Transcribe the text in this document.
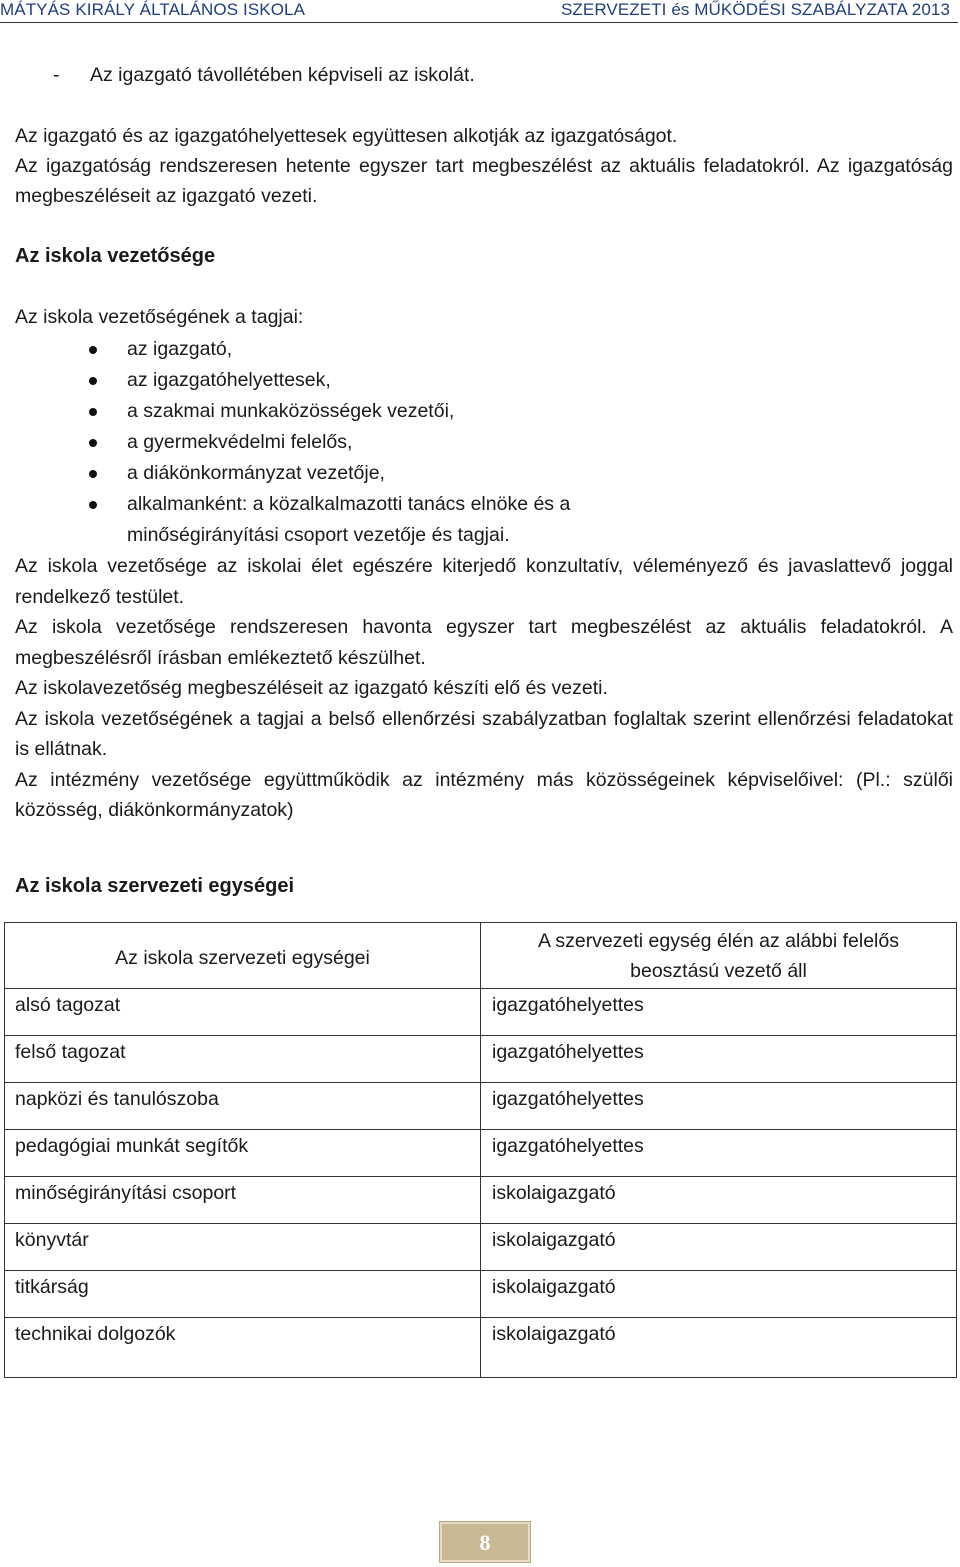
MÁTYÁS KIRÁLY ÁLTALÁNOS ISKOLA	SZERVEZETI és MŰKÖDÉSI SZABÁLYZATA 2013
- Az igazgató távollétében képviseli az iskolát.

Az igazgató és az igazgatóhelyettesek együttesen alkotják az igazgatóságot.

Az igazgatóság rendszeresen hetente egyszer tart megbeszélést az aktuális feladatokról. Az igazgatóság megbeszéléseit az igazgató vezeti.

Az iskola vezetősége

Az iskola vezetőségének a tagjai:

az igazgató,
az igazgatóhelyettesek,
a szakmai munkaközösségek vezetői,
a gyermekvédelmi felelős,
a diákönkormányzat vezetője,
alkalmanként: a közalkalmazotti tanács elnöke és a minőségirányítási csoport vezetője és tagjai.

Az iskola vezetősége az iskolai élet egészére kiterjedő konzultatív, véleményező és javaslattevő joggal rendelkező testület.

Az iskola vezetősége rendszeresen havonta egyszer tart megbeszélést az aktuális feladatokról. A megbeszélésről írásban emlékeztető készülhet.

Az iskolavezetőség megbeszéléseit az igazgató készíti elő és vezeti.

Az iskola vezetőségének a tagjai a belső ellenőrzési szabályzatban foglaltak szerint ellenőrzési feladatokat is ellátnak.

Az intézmény vezetősége együttműködik az intézmény más közösségeinek képviselőivel: (Pl.: szülői közösség, diákönkormányzatok)

Az iskola szervezeti egységei

Az iskola szervezeti egységei	A szervezeti egység élén az alábbi felelős beosztású vezető áll
alsó tagozat	igazgatóhelyettes
felső tagozat	igazgatóhelyettes
napközi és tanulószoba	igazgatóhelyettes
pedagógiai munkát segítők	igazgatóhelyettes
minőségirányítási csoport	iskolaigazgató
könyvtár	iskolaigazgató
titkárság	iskolaigazgató
technikai dolgozók	iskolaigazgató
8
